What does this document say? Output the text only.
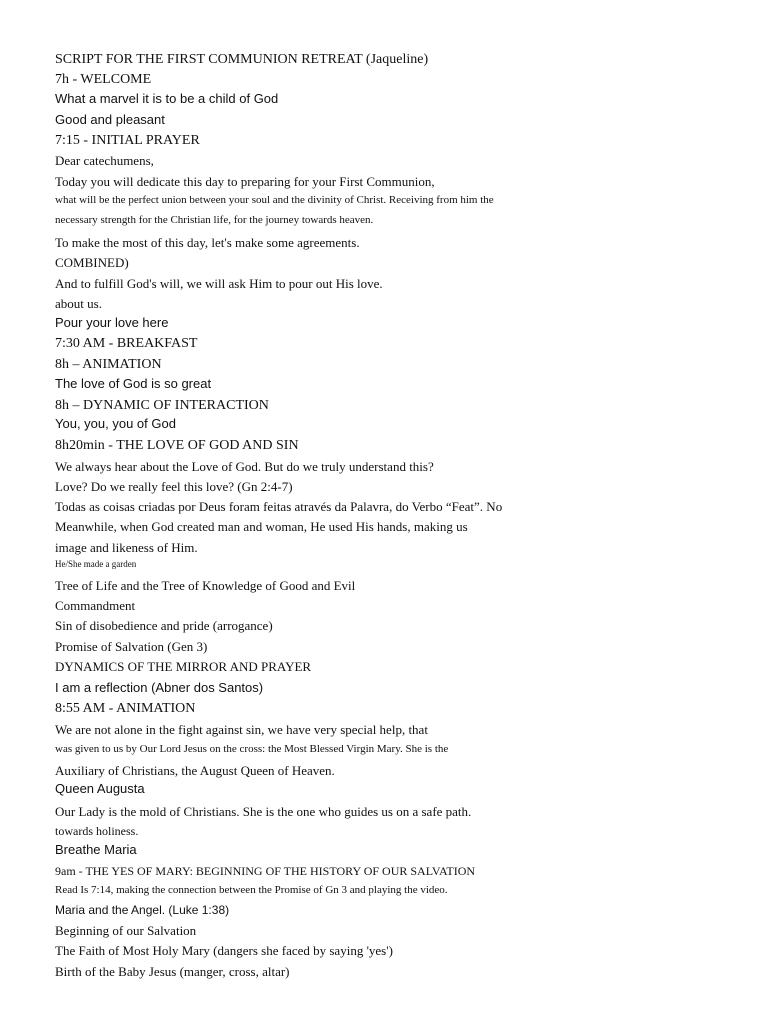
SCRIPT FOR THE FIRST COMMUNION RETREAT (Jaqueline)
7h - WELCOME
What a marvel it is to be a child of God
Good and pleasant
7:15 - INITIAL PRAYER
Dear catechumens,
Today you will dedicate this day to preparing for your First Communion,
what will be the perfect union between your soul and the divinity of Christ. Receiving from him the
necessary strength for the Christian life, for the journey towards heaven.
To make the most of this day, let's make some agreements.
COMBINED)
And to fulfill God's will, we will ask Him to pour out His love.
about us.
Pour your love here
7:30 AM - BREAKFAST
8h – ANIMATION
The love of God is so great
8h – DYNAMIC OF INTERACTION
You, you, you of God
8h20min - THE LOVE OF GOD AND SIN
We always hear about the Love of God. But do we truly understand this?
Love? Do we really feel this love? (Gn 2:4-7)
Todas as coisas criadas por Deus foram feitas através da Palavra, do Verbo “Feat”. No
Meanwhile, when God created man and woman, He used His hands, making us
image and likeness of Him.
He/She made a garden
Tree of Life and the Tree of Knowledge of Good and Evil
Commandment
Sin of disobedience and pride (arrogance)
Promise of Salvation (Gen 3)
DYNAMICS OF THE MIRROR AND PRAYER
I am a reflection (Abner dos Santos)
8:55 AM - ANIMATION
We are not alone in the fight against sin, we have very special help, that
was given to us by Our Lord Jesus on the cross: the Most Blessed Virgin Mary. She is the
Auxiliary of Christians, the August Queen of Heaven.
Queen Augusta
Our Lady is the mold of Christians. She is the one who guides us on a safe path.
towards holiness.
Breathe Maria
9am - THE YES OF MARY: BEGINNING OF THE HISTORY OF OUR SALVATION
Read Is 7:14, making the connection between the Promise of Gn 3 and playing the video.
Maria and the Angel. (Luke 1:38)
Beginning of our Salvation
The Faith of Most Holy Mary (dangers she faced by saying 'yes')
Birth of the Baby Jesus (manger, cross, altar)
